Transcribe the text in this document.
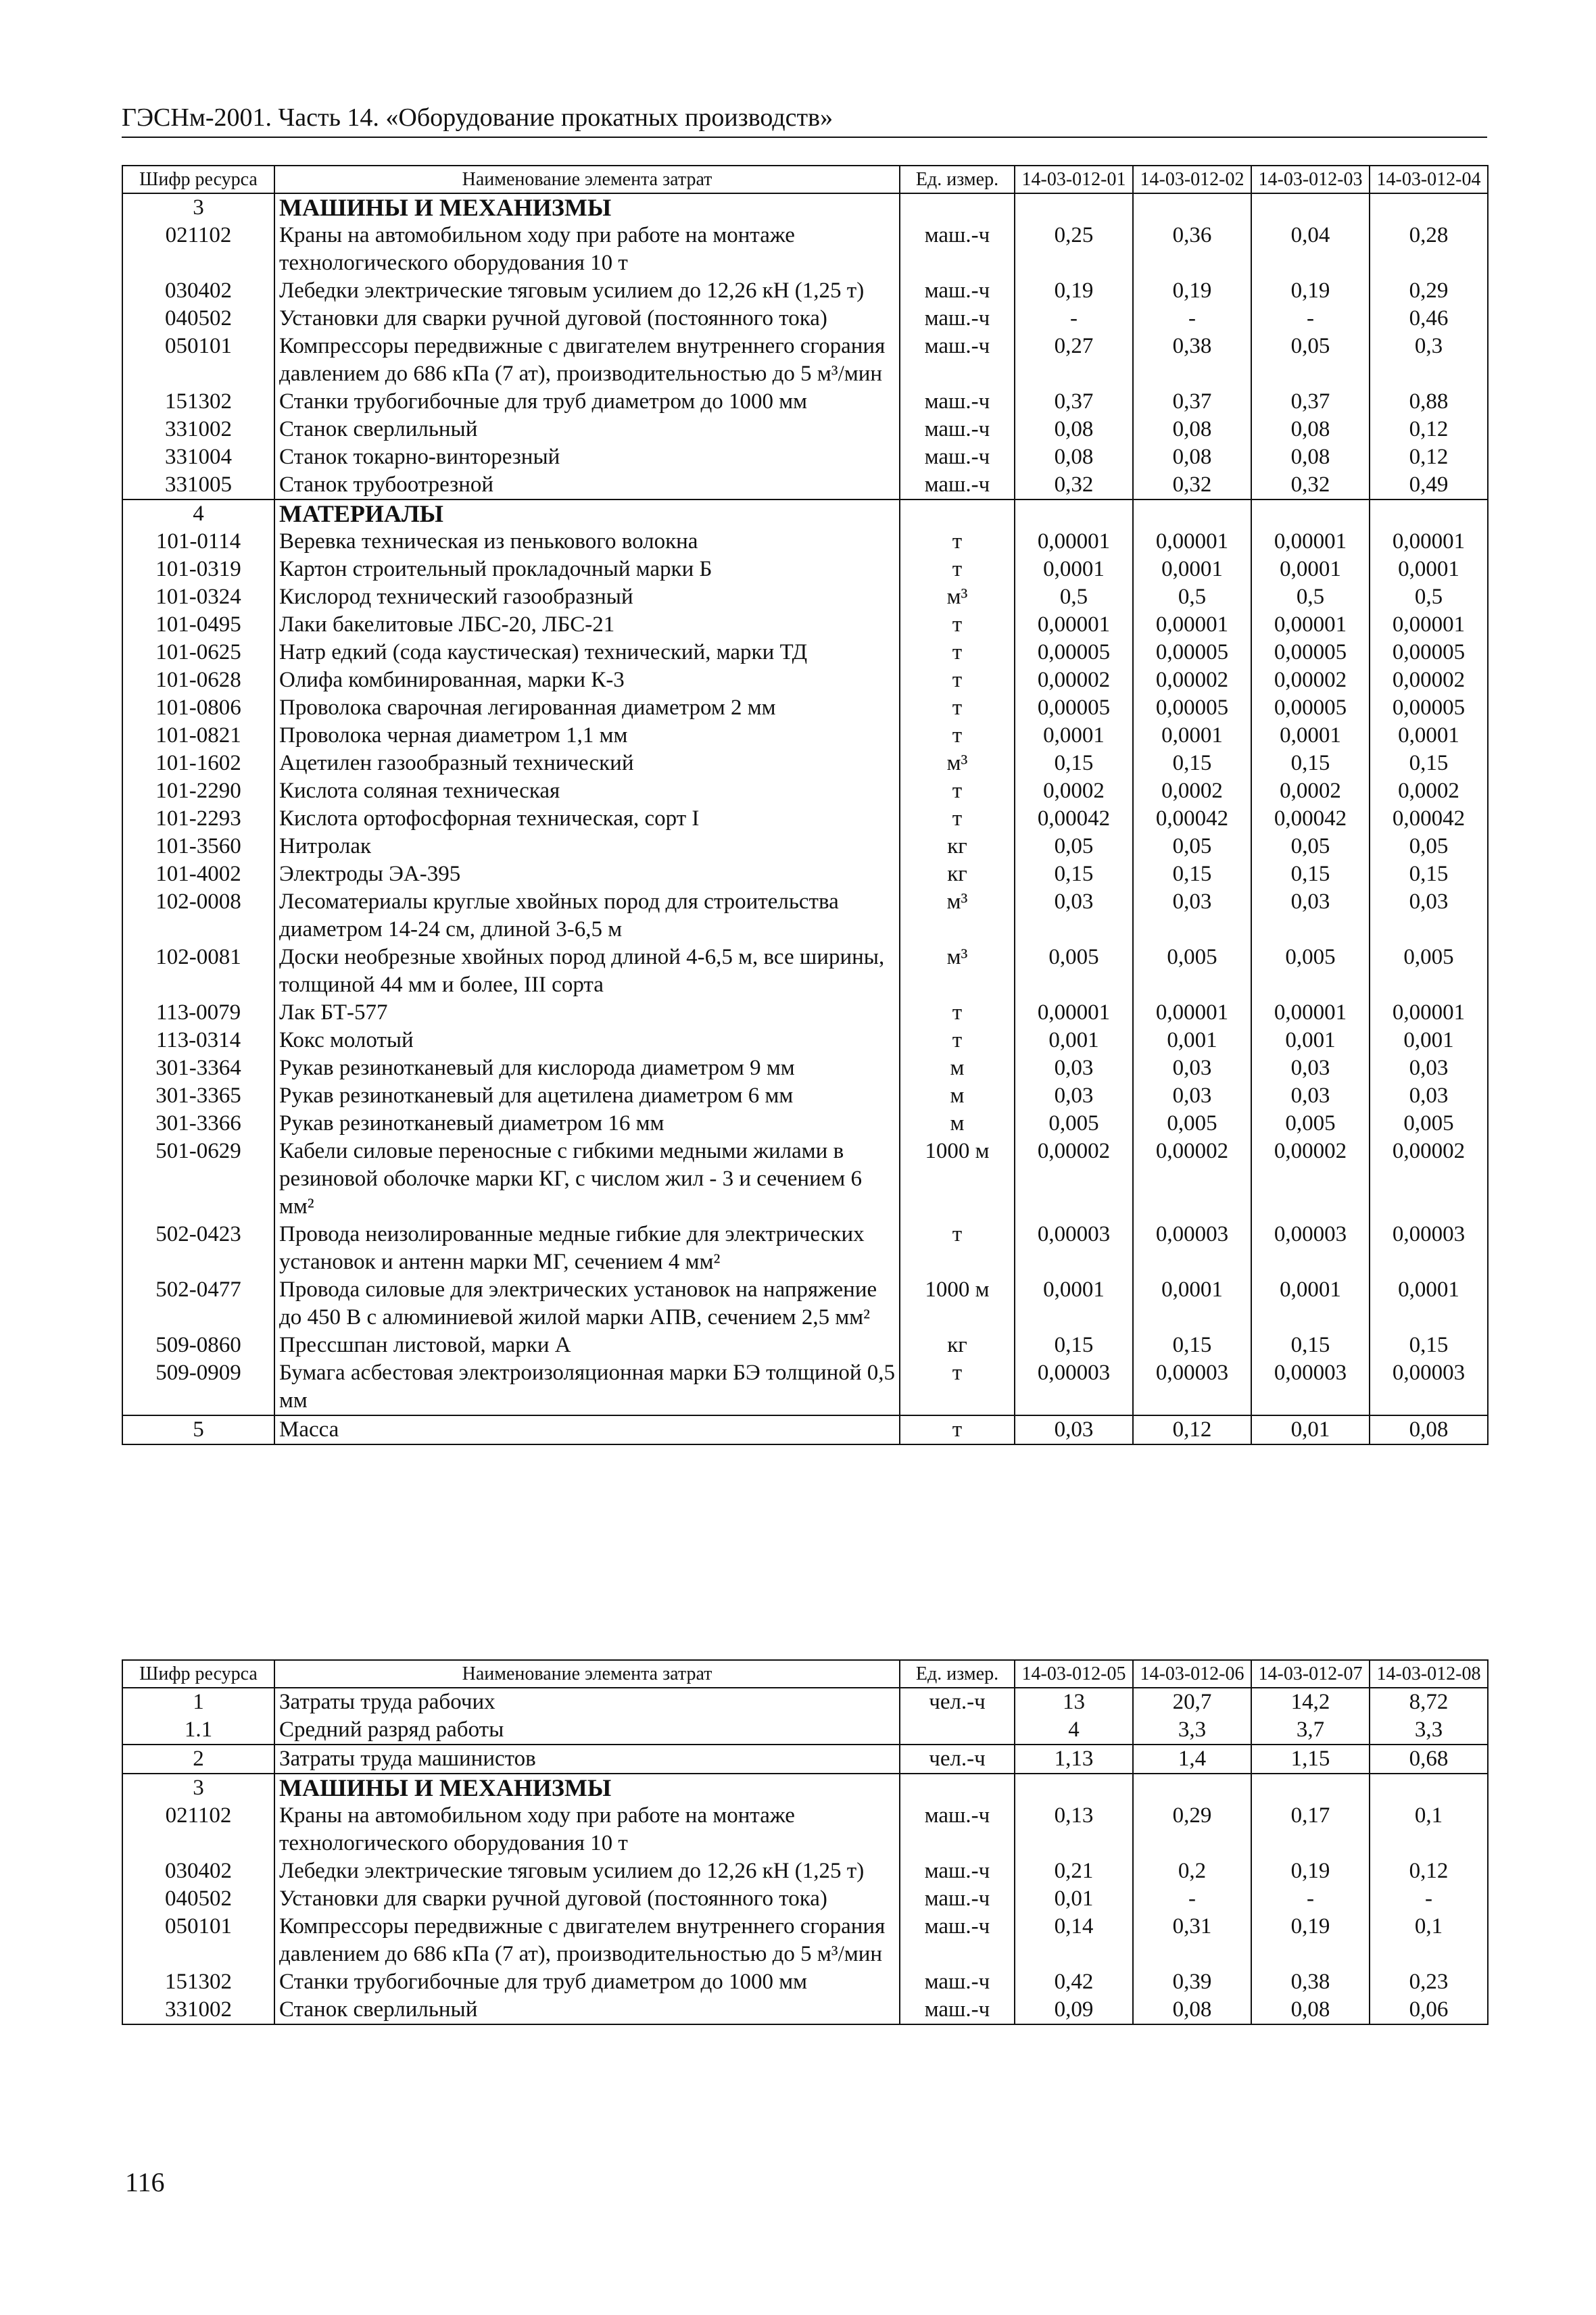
ГЭСНм-2001. Часть 14. «Оборудование прокатных производств»
Шифр ресурса	Наименование элемента затрат	Ед. измер.	14-03-012-01	14-03-012-02	14-03-012-03	14-03-012-04
3	МАШИНЫ И МЕХАНИЗМЫ					
021102	Краны на автомобильном ходу при работе на монтаже технологического оборудования 10 т	маш.-ч	0,25	0,36	0,04	0,28
030402	Лебедки электрические тяговым усилием до 12,26 кН (1,25 т)	маш.-ч	0,19	0,19	0,19	0,29
040502	Установки для сварки ручной дуговой (постоянного тока)	маш.-ч	-	-	-	0,46
050101	Компрессоры передвижные с двигателем внутреннего сгорания давлением до 686 кПа (7 ат), производительностью до 5 м³/мин	маш.-ч	0,27	0,38	0,05	0,3
151302	Станки трубогибочные для труб диаметром до 1000 мм	маш.-ч	0,37	0,37	0,37	0,88
331002	Станок сверлильный	маш.-ч	0,08	0,08	0,08	0,12
331004	Станок токарно-винторезный	маш.-ч	0,08	0,08	0,08	0,12
331005	Станок трубоотрезной	маш.-ч	0,32	0,32	0,32	0,49
4	МАТЕРИАЛЫ					
101-0114	Веревка техническая из пенькового волокна	т	0,00001	0,00001	0,00001	0,00001
101-0319	Картон строительный прокладочный марки Б	т	0,0001	0,0001	0,0001	0,0001
101-0324	Кислород технический газообразный	м³	0,5	0,5	0,5	0,5
101-0495	Лаки бакелитовые ЛБС-20, ЛБС-21	т	0,00001	0,00001	0,00001	0,00001
101-0625	Натр едкий (сода каустическая) технический, марки ТД	т	0,00005	0,00005	0,00005	0,00005
101-0628	Олифа комбинированная, марки К-3	т	0,00002	0,00002	0,00002	0,00002
101-0806	Проволока сварочная легированная диаметром 2 мм	т	0,00005	0,00005	0,00005	0,00005
101-0821	Проволока черная диаметром 1,1 мм	т	0,0001	0,0001	0,0001	0,0001
101-1602	Ацетилен газообразный технический	м³	0,15	0,15	0,15	0,15
101-2290	Кислота соляная техническая	т	0,0002	0,0002	0,0002	0,0002
101-2293	Кислота ортофосфорная техническая, сорт I	т	0,00042	0,00042	0,00042	0,00042
101-3560	Нитролак	кг	0,05	0,05	0,05	0,05
101-4002	Электроды ЭА-395	кг	0,15	0,15	0,15	0,15
102-0008	Лесоматериалы круглые хвойных пород для строительства диаметром 14-24 см, длиной 3-6,5 м	м³	0,03	0,03	0,03	0,03
102-0081	Доски необрезные хвойных пород длиной 4-6,5 м, все ширины, толщиной 44 мм и более, III сорта	м³	0,005	0,005	0,005	0,005
113-0079	Лак БТ-577	т	0,00001	0,00001	0,00001	0,00001
113-0314	Кокс молотый	т	0,001	0,001	0,001	0,001
301-3364	Рукав резинотканевый для кислорода диаметром 9 мм	м	0,03	0,03	0,03	0,03
301-3365	Рукав резинотканевый для ацетилена диаметром 6 мм	м	0,03	0,03	0,03	0,03
301-3366	Рукав резинотканевый диаметром 16 мм	м	0,005	0,005	0,005	0,005
501-0629	Кабели силовые переносные с гибкими медными жилами в резиновой оболочке марки КГ, с числом жил - 3 и сечением 6 мм²	1000 м	0,00002	0,00002	0,00002	0,00002
502-0423	Провода неизолированные медные гибкие для электрических установок и антенн марки МГ, сечением 4 мм²	т	0,00003	0,00003	0,00003	0,00003
502-0477	Провода силовые для электрических установок на напряжение до 450 В с алюминиевой жилой марки АПВ, сечением 2,5 мм²	1000 м	0,0001	0,0001	0,0001	0,0001
509-0860	Прессшпан листовой, марки А	кг	0,15	0,15	0,15	0,15
509-0909	Бумага асбестовая электроизоляционная марки БЭ толщиной 0,5 мм	т	0,00003	0,00003	0,00003	0,00003
5	Масса	т	0,03	0,12	0,01	0,08
Шифр ресурса	Наименование элемента затрат	Ед. измер.	14-03-012-05	14-03-012-06	14-03-012-07	14-03-012-08
1	Затраты труда рабочих	чел.-ч	13	20,7	14,2	8,72
1.1	Средний разряд работы		4	3,3	3,7	3,3
2	Затраты труда машинистов	чел.-ч	1,13	1,4	1,15	0,68
3	МАШИНЫ И МЕХАНИЗМЫ					
021102	Краны на автомобильном ходу при работе на монтаже технологического оборудования 10 т	маш.-ч	0,13	0,29	0,17	0,1
030402	Лебедки электрические тяговым усилием до 12,26 кН (1,25 т)	маш.-ч	0,21	0,2	0,19	0,12
040502	Установки для сварки ручной дуговой (постоянного тока)	маш.-ч	0,01	-	-	-
050101	Компрессоры передвижные с двигателем внутреннего сгорания давлением до 686 кПа (7 ат), производительностью до 5 м³/мин	маш.-ч	0,14	0,31	0,19	0,1
151302	Станки трубогибочные для труб диаметром до 1000 мм	маш.-ч	0,42	0,39	0,38	0,23
331002	Станок сверлильный	маш.-ч	0,09	0,08	0,08	0,06
116
